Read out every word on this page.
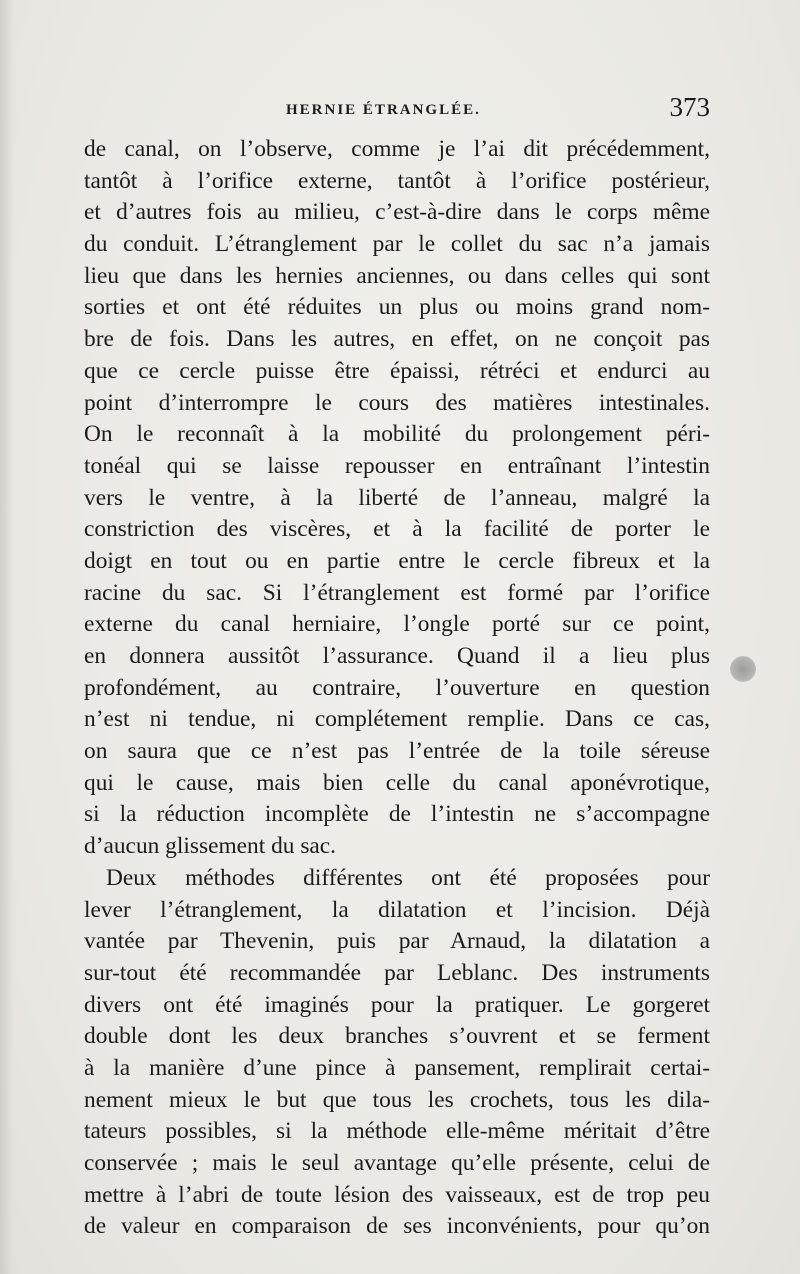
HERNIE ÉTRANGLÉE.	373
de canal, on l’observe, comme je l’ai dit précédemment,
tantôt à l’orifice externe, tantôt à l’orifice postérieur,
et d’autres fois au milieu, c’est-à-dire dans le corps même
du conduit. L’étranglement par le collet du sac n’a jamais
lieu que dans les hernies anciennes, ou dans celles qui sont
sorties et ont été réduites un plus ou moins grand nom-
bre de fois. Dans les autres, en effet, on ne conçoit pas
que ce cercle puisse être épaissi, rétréci et endurci au
point d’interrompre le cours des matières intestinales.
On le reconnaît à la mobilité du prolongement péri-
tonéal qui se laisse repousser en entraînant l’intestin
vers le ventre, à la liberté de l’anneau, malgré la
constriction des viscères, et à la facilité de porter le
doigt en tout ou en partie entre le cercle fibreux et la
racine du sac. Si l’étranglement est formé par l’orifice
externe du canal herniaire, l’ongle porté sur ce point,
en donnera aussitôt l’assurance. Quand il a lieu plus
profondément, au contraire, l’ouverture en question
n’est ni tendue, ni complétement remplie. Dans ce cas,
on saura que ce n’est pas l’entrée de la toile séreuse
qui le cause, mais bien celle du canal aponévrotique,
si la réduction incomplète de l’intestin ne s’accompagne
d’aucun glissement du sac.
Deux méthodes différentes ont été proposées pour
lever l’étranglement, la dilatation et l’incision. Déjà
vantée par Thevenin, puis par Arnaud, la dilatation a
sur-tout été recommandée par Leblanc. Des instruments
divers ont été imaginés pour la pratiquer. Le gorgeret
double dont les deux branches s’ouvrent et se ferment
à la manière d’une pince à pansement, remplirait certai-
nement mieux le but que tous les crochets, tous les dila-
tateurs possibles, si la méthode elle-même méritait d’être
conservée ; mais le seul avantage qu’elle présente, celui de
mettre à l’abri de toute lésion des vaisseaux, est de trop peu
de valeur en comparaison de ses inconvénients, pour qu’on
